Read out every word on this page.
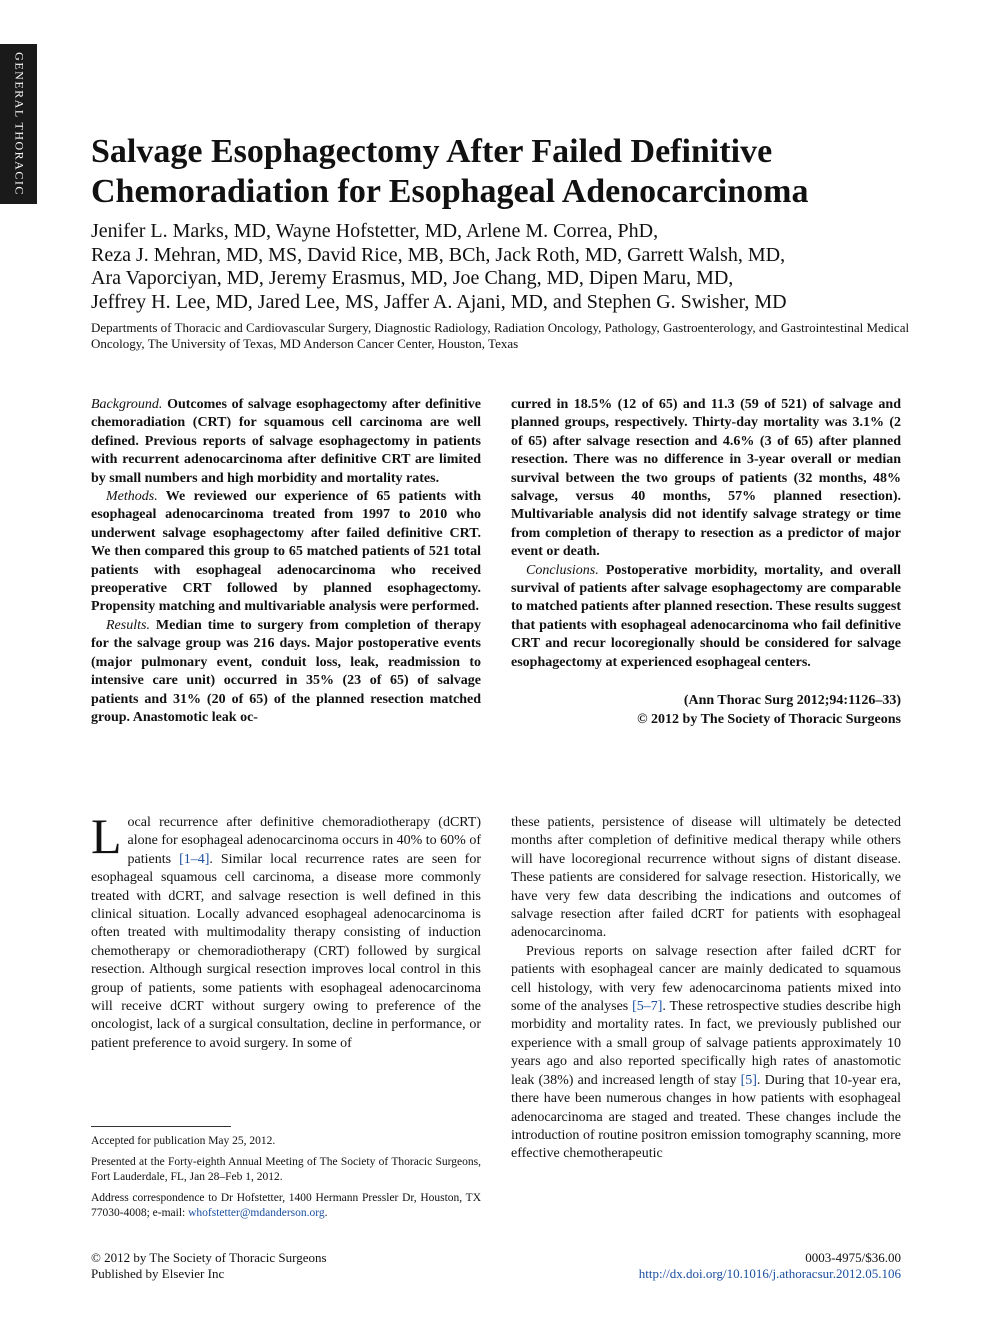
GENERAL THORACIC Salvage Esophagectomy After Failed Definitive Chemoradiation for Esophageal Adenocarcinoma
Jenifer L. Marks, MD, Wayne Hofstetter, MD, Arlene M. Correa, PhD,
Reza J. Mehran, MD, MS, David Rice, MB, BCh, Jack Roth, MD, Garrett Walsh, MD,
Ara Vaporciyan, MD, Jeremy Erasmus, MD, Joe Chang, MD, Dipen Maru, MD,
Jeffrey H. Lee, MD, Jared Lee, MS, Jaffer A. Ajani, MD, and Stephen G. Swisher, MD
Departments of Thoracic and Cardiovascular Surgery, Diagnostic Radiology, Radiation Oncology, Pathology, Gastroenterology, and Gastrointestinal Medical Oncology, The University of Texas, MD Anderson Cancer Center, Houston, Texas

Background. Outcomes of salvage esophagectomy after definitive chemoradiation (CRT) for squamous cell carcinoma are well defined. Previous reports of salvage esophagectomy in patients with recurrent adenocarcinoma after definitive CRT are limited by small numbers and high morbidity and mortality rates.

Methods. We reviewed our experience of 65 patients with esophageal adenocarcinoma treated from 1997 to 2010 who underwent salvage esophagectomy after failed definitive CRT. We then compared this group to 65 matched patients of 521 total patients with esophageal adenocarcinoma who received preoperative CRT followed by planned esophagectomy. Propensity matching and multivariable analysis were performed.

Results. Median time to surgery from completion of therapy for the salvage group was 216 days. Major postoperative events (major pulmonary event, conduit loss, leak, readmission to intensive care unit) occurred in 35% (23 of 65) of salvage patients and 31% (20 of 65) of the planned resection matched group. Anastomotic leak oc-

curred in 18.5% (12 of 65) and 11.3 (59 of 521) of salvage and planned groups, respectively. Thirty-day mortality was 3.1% (2 of 65) after salvage resection and 4.6% (3 of 65) after planned resection. There was no difference in 3-year overall or median survival between the two groups of patients (32 months, 48% salvage, versus 40 months, 57% planned resection). Multivariable analysis did not identify salvage strategy or time from completion of therapy to resection as a predictor of major event or death.

Conclusions. Postoperative morbidity, mortality, and overall survival of patients after salvage esophagectomy are comparable to matched patients after planned resection. These results suggest that patients with esophageal adenocarcinoma who fail definitive CRT and recur locoregionally should be considered for salvage esophagectomy at experienced esophageal centers.

(Ann Thorac Surg 2012;94:1126–33)
© 2012 by The Society of Thoracic Surgeons

Local recurrence after definitive chemoradiotherapy (dCRT) alone for esophageal adenocarcinoma occurs in 40% to 60% of patients [1–4]. Similar local recurrence rates are seen for esophageal squamous cell carcinoma, a disease more commonly treated with dCRT, and salvage resection is well defined in this clinical situation. Locally advanced esophageal adenocarcinoma is often treated with multimodality therapy consisting of induction chemotherapy or chemoradiotherapy (CRT) followed by surgical resection. Although surgical resection improves local control in this group of patients, some patients with esophageal adenocarcinoma will receive dCRT without surgery owing to preference of the oncologist, lack of a surgical consultation, decline in performance, or patient preference to avoid surgery. In some of

these patients, persistence of disease will ultimately be detected months after completion of definitive medical therapy while others will have locoregional recurrence without signs of distant disease. These patients are considered for salvage resection. Historically, we have very few data describing the indications and outcomes of salvage resection after failed dCRT for patients with esophageal adenocarcinoma.

Previous reports on salvage resection after failed dCRT for patients with esophageal cancer are mainly dedicated to squamous cell histology, with very few adenocarcinoma patients mixed into some of the analyses [5–7]. These retrospective studies describe high morbidity and mortality rates. In fact, we previously published our experience with a small group of salvage patients approximately 10 years ago and also reported specifically high rates of anastomotic leak (38%) and increased length of stay [5]. During that 10-year era, there have been numerous changes in how patients with esophageal adenocarcinoma are staged and treated. These changes include the introduction of routine positron emission tomography scanning, more effective chemotherapeutic

Accepted for publication May 25, 2012.

Presented at the Forty-eighth Annual Meeting of The Society of Thoracic Surgeons, Fort Lauderdale, FL, Jan 28–Feb 1, 2012.

Address correspondence to Dr Hofstetter, 1400 Hermann Pressler Dr, Houston, TX 77030-4008; e-mail: whofstetter@mdanderson.org.

© 2012 by The Society of Thoracic Surgeons
Published by Elsevier Inc
0003-4975/$36.00
http://dx.doi.org/10.1016/j.athoracsur.2012.05.106
